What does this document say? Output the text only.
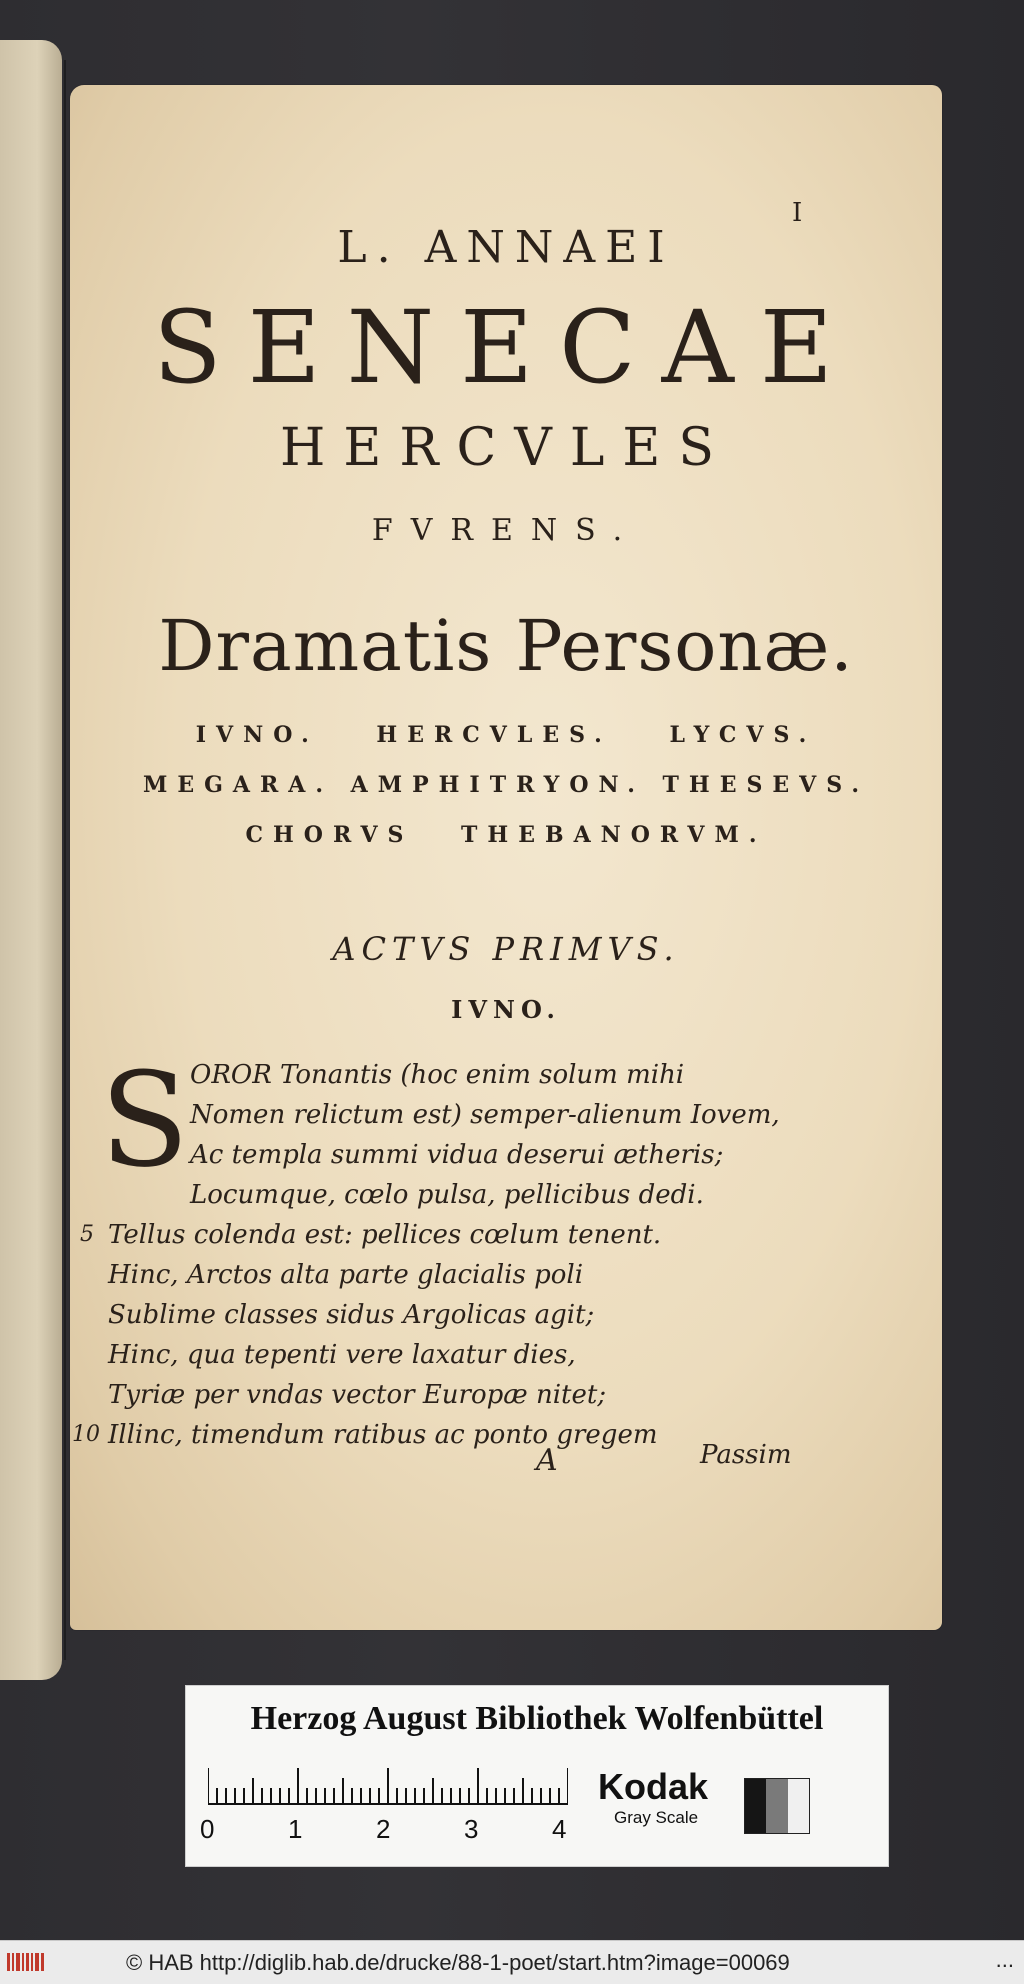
I
L. ANNAEI
SENECAE
HERCVLES
FVRENS.
Dramatis Personæ.
IVNO. HERCVLES. LYCVS.
MEGARA. AMPHITRYON. THESEVS.
CHORVS THEBANORVM.
ACTVS PRIMVS.
IVNO.
S OROR Tonantis (hoc enim solum mihi
Nomen relictum est) semper-alienum Iovem,
Ac templa summi vidua deserui ætheris;
Locumque, cœlo pulsa, pellicibus dedi.
5 Tellus colenda est: pellices cœlum tenent.
Hinc, Arctos alta parte glacialis poli
Sublime classes sidus Argolicas agit;
Hinc, qua tepenti vere laxatur dies,
Tyriæ per vndas vector Europæ nitet;
10 Illinc, timendum ratibus ac ponto gregem
A	Passim
Herzog August Bibliothek Wolfenbüttel
0	1	2	3	4
Kodak
Gray Scale
© HAB http://diglib.hab.de/drucke/88-1-poet/start.htm?image=00069	...
